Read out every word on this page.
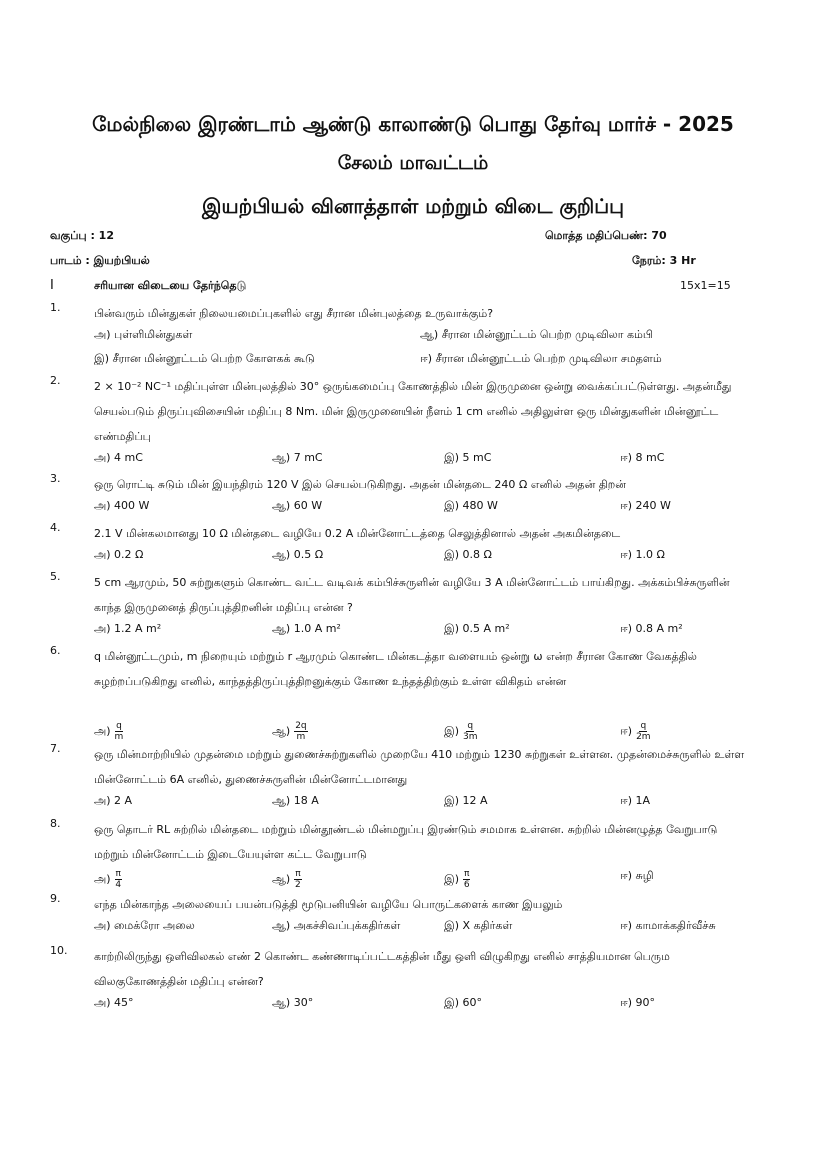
மேல்நிலை இரண்டாம் ஆண்டு காலாண்டு பொது தேர்வு மார்ச் - 2025
சேலம் மாவட்டம்
இயற்பியல் வினாத்தாள் மற்றும் விடை குறிப்பு
வகுப்பு : 12	மொத்த மதிப்பெண்: 70
பாடம் : இயற்பியல்	நேரம்: 3 Hr
I	சரியான விடையை தேர்ந்தெடு	15x1=15
1.	பின்வரும் மின்துகள் நிலையமைப்புகளில் எது சீரான மின்புலத்தை உருவாக்கும்?
அ) புள்ளிமின்துகள்	ஆ) சீரான மின்னூட்டம் பெற்ற முடிவிலா கம்பி
இ) சீரான மின்னூட்டம் பெற்ற கோளகக் கூடு	ஈ) சீரான மின்னூட்டம் பெற்ற முடிவிலா சமதளம்
2.	2 × 10⁻² NC⁻¹ மதிப்புள்ள மின்புலத்தில் 30° ஒருங்கமைப்பு கோணத்தில் மின் இருமுனை ஒன்று வைக்கப்பட்டுள்ளது. அதன்மீது செயல்படும் திருப்புவிசையின் மதிப்பு 8 Nm. மின் இருமுனையின் நீளம் 1 cm எனில் அதிலுள்ள ஒரு மின்துகளின் மின்னூட்ட எண்மதிப்பு
அ) 4 mC	ஆ) 7 mC	இ) 5 mC	ஈ) 8 mC
3.	ஒரு ரொட்டி சுடும் மின் இயந்திரம் 120 V இல் செயல்படுகிறது. அதன் மின்தடை 240 Ω எனில் அதன் திறன்
அ) 400 W	ஆ) 60 W	இ) 480 W	ஈ) 240 W
4.	2.1 V மின்கலமானது 10 Ω மின்தடை வழியே 0.2 A மின்னோட்டத்தை செலுத்தினால் அதன் அகமின்தடை
அ) 0.2 Ω	ஆ) 0.5 Ω	இ) 0.8 Ω	ஈ) 1.0 Ω
5.	5 cm ஆரமும், 50 சுற்றுகளும் கொண்ட வட்ட வடிவக் கம்பிச்சுருளின் வழியே 3 A மின்னோட்டம் பாய்கிறது. அக்கம்பிச்சுருளின் காந்த இருமுனைத் திருப்புத்திறனின் மதிப்பு என்ன ?
அ) 1.2 A m²	ஆ) 1.0 A m²	இ) 0.5 A m²	ஈ) 0.8 A m²
6.	q மின்னூட்டமும், m நிறையும் மற்றும் r ஆரமும் கொண்ட மின்கடத்தா வளையம் ஒன்று ω என்ற சீரான கோண வேகத்தில் சுழற்றப்படுகிறது எனில், காந்தத்திருப்புத்திறனுக்கும் கோண உந்தத்திற்கும் உள்ள விகிதம் என்ன
அ) $\frac{q}{m}$	ஆ) $\frac{2q}{m}$	இ) $\frac{q}{3m}$	ஈ) $\frac{q}{2m}$
7.	ஒரு மின்மாற்றியில் முதன்மை மற்றும் துணைச்சுற்றுகளில் முறையே 410 மற்றும் 1230 சுற்றுகள் உள்ளன. முதன்மைச்சுருளில் உள்ள மின்னோட்டம் 6A எனில், துணைச்சுருளின் மின்னோட்டமானது
அ) 2 A	ஆ) 18 A	இ) 12 A	ஈ) 1A
8.	ஒரு தொடர் RL சுற்றில் மின்தடை மற்றும் மின்தூண்டல் மின்மறுப்பு இரண்டும் சமமாக உள்ளன. சுற்றில் மின்னழுத்த வேறுபாடு மற்றும் மின்னோட்டம் இடையேயுள்ள கட்ட வேறுபாடு
அ) $\frac{\pi}{4}$	ஆ) $\frac{\pi}{2}$	இ) $\frac{\pi}{6}$	ஈ) சுழி
9.	எந்த மின்காந்த அலையைப் பயன்படுத்தி மூடுபனியின் வழியே பொருட்களைக் காண இயலும்
அ) மைக்ரோ அலை	ஆ) அகச்சிவப்புக்கதிர்கள்	இ) X கதிர்கள்	ஈ) காமாக்கதிர்வீச்சு
10. காற்றிலிருந்து ஒளிவிலகல் எண் 2 கொண்ட கண்ணாடிப்பட்டகத்தின் மீது ஒளி விழுகிறது எனில் சாத்தியமான பெரும விலகுகோணத்தின் மதிப்பு என்ன?
அ) 45°	ஆ) 30°	இ) 60°	ஈ) 90°
